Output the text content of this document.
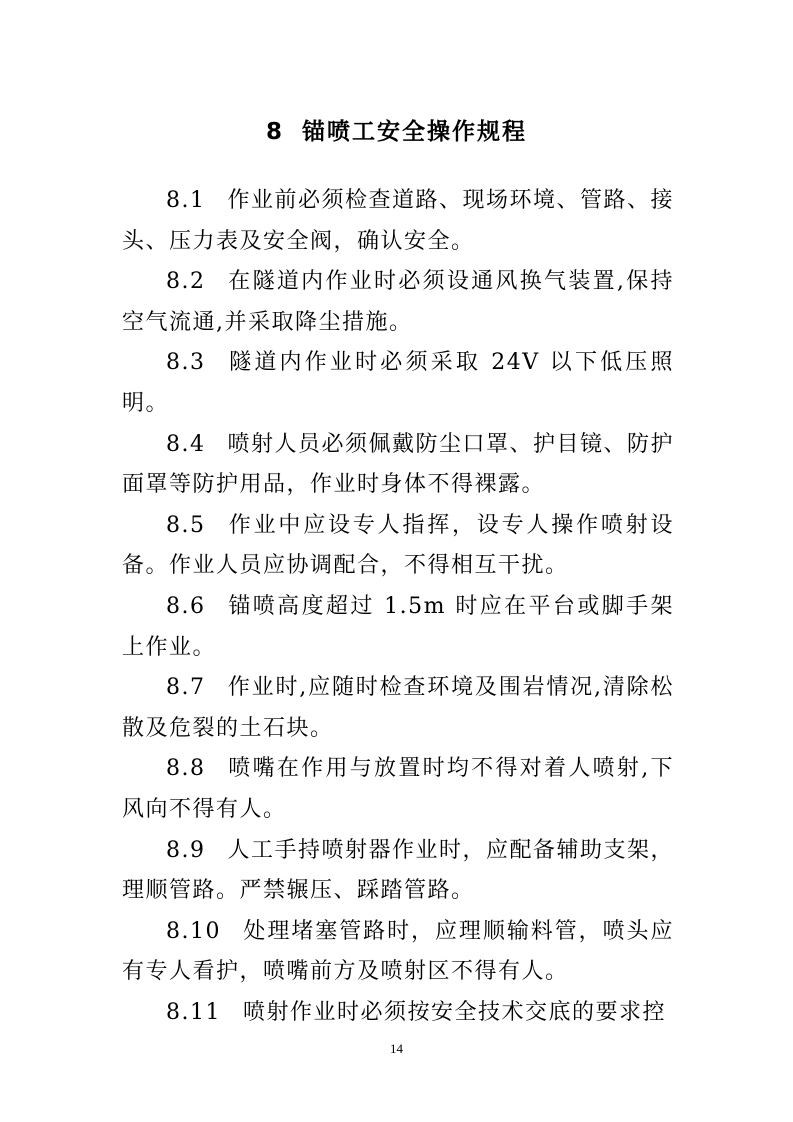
8 锚喷工安全操作规程

8.1 作业前必须检查道路、现场环境、管路、接头、压力表及安全阀，确认安全。

8.2 在隧道内作业时必须设通风换气装置,保持空气流通,并采取降尘措施。

8.3 隧道内作业时必须采取 24V 以下低压照明。

8.4 喷射人员必须佩戴防尘口罩、护目镜、防护面罩等防护用品，作业时身体不得裸露。

8.5 作业中应设专人指挥，设专人操作喷射设备。作业人员应协调配合，不得相互干扰。

8.6 锚喷高度超过 1.5m 时应在平台或脚手架上作业。

8.7 作业时,应随时检查环境及围岩情况,清除松散及危裂的土石块。

8.8 喷嘴在作用与放置时均不得对着人喷射,下风向不得有人。

8.9 人工手持喷射器作业时，应配备辅助支架，理顺管路。严禁辗压、踩踏管路。

8.10 处理堵塞管路时，应理顺输料管，喷头应有专人看护，喷嘴前方及喷射区不得有人。

8.11 喷射作业时必须按安全技术交底的要求控

14
